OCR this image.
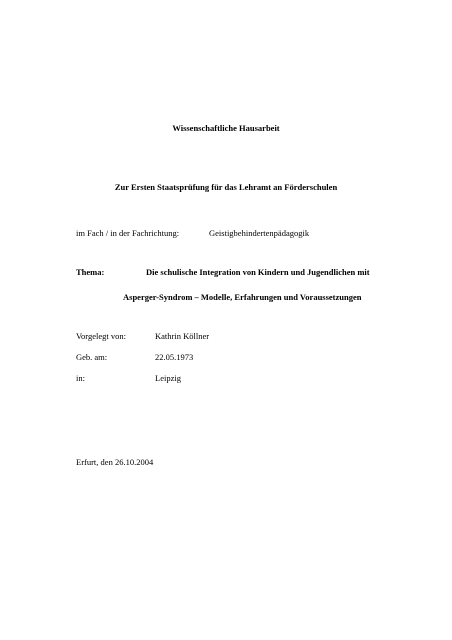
Wissenschaftliche Hausarbeit
Zur Ersten Staatsprüfung für das Lehramt an Förderschulen
im Fach / in der Fachrichtung:	Geistigbehindertenpädagogik
Thema:	Die schulische Integration von Kindern und Jugendlichen mit
Asperger-Syndrom – Modelle, Erfahrungen und Voraussetzungen
Vorgelegt von:	Kathrin Köllner
Geb. am:	22.05.1973
in:	Leipzig
Erfurt, den 26.10.2004
